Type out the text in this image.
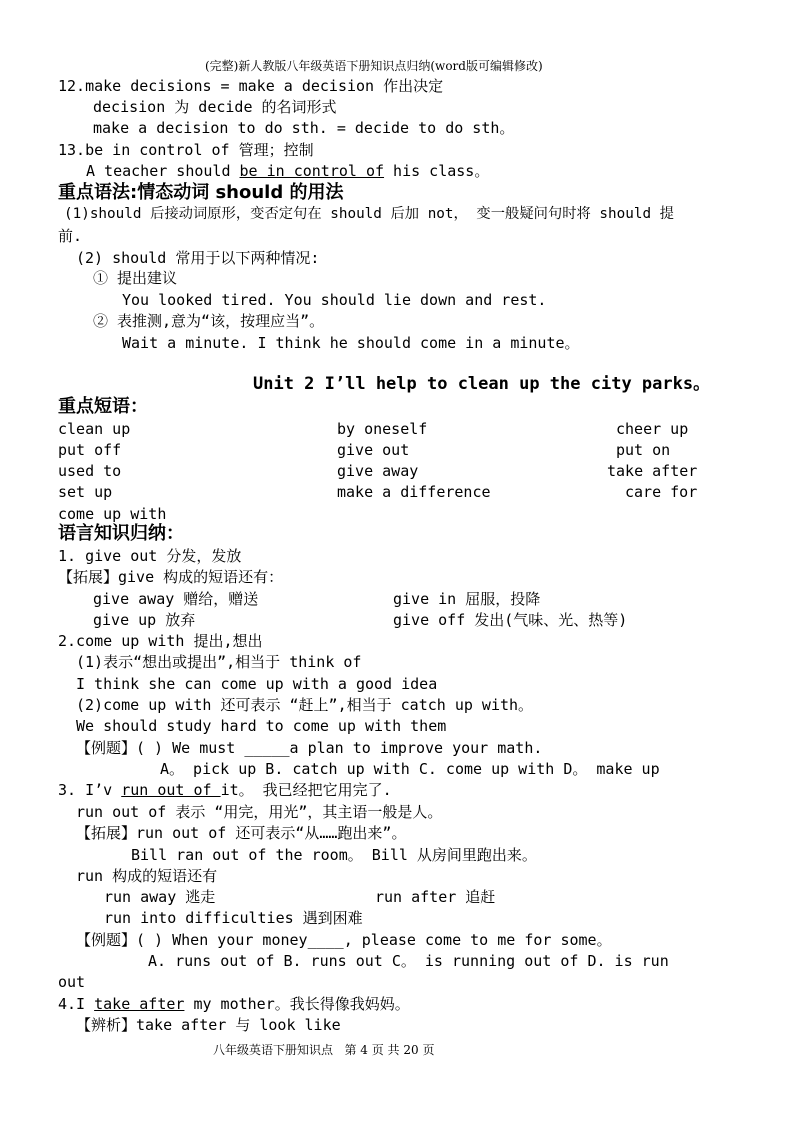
(完整)新人教版八年级英语下册知识点归纳(word版可编辑修改)
12.make decisions = make a decision 作出决定
decision 为 decide 的名词形式
make a decision to do sth. = decide to do sth。
13.be in control of 管理；控制
A teacher should be in control of his class。
重点语法:情态动词 should 的用法
(1)should 后接动词原形，变否定句在 should 后加 not， 变一般疑问句时将 should 提
前.
(2) should 常用于以下两种情况:
① 提出建议
You looked tired. You should lie down and rest.
② 表推测,意为“该，按理应当”。
Wait a minute. I think he should come in a minute。
Unit 2 I’ll help to clean up the city parks。
重点短语：
clean up	by oneself	cheer up
put off	give out	put on
used to	give away	take after
set up	make a difference	care for
come up with
语言知识归纳：
1. give out 分发，发放
【拓展】give 构成的短语还有：
give away 赠给，赠送	give in 屈服，投降
give up 放弃	give off 发出(气味、光、热等)
2.come up with 提出,想出
(1)表示“想出或提出”,相当于 think of
I think she can come up with a good idea
(2)come up with 还可表示 “赶上”,相当于 catch up with。
We should study hard to come up with them
【例题】( ) We must _____a plan to improve your math.
A。 pick up B. catch up with C. come up with D。 make up
3. I’v run out of it。 我已经把它用完了.
run out of 表示 “用完，用光”，其主语一般是人。
【拓展】run out of 还可表示“从……跑出来”。
Bill ran out of the room。 Bill 从房间里跑出来。
run 构成的短语还有
run away 逃走	run after 追赶
run into difficulties 遇到困难
【例题】( ) When your money____, please come to me for some。
A. runs out of B. runs out C。 is running out of D. is run
out
4.I take after my mother。我长得像我妈妈。
【辨析】take after 与 look like
八年级英语下册知识点 第 4 页 共 20 页
